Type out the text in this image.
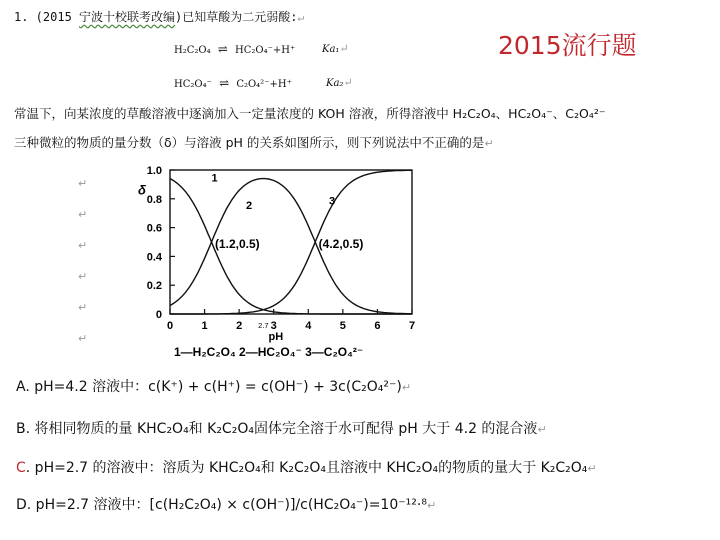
1. (2015 宁波十校联考改编)已知草酸为二元弱酸:↵
2015流行题
H₂C₂O₄ ⇌ HC₂O₄⁻+H⁺	Ka₁↵
HC₂O₄⁻ ⇌ C₂O₄²⁻+H⁺	Ka₂↵
常温下，向某浓度的草酸溶液中逐滴加入一定量浓度的 KOH 溶液，所得溶液中 H₂C₂O₄、HC₂O₄⁻、C₂O₄²⁻
三种微粒的物质的量分数（δ）与溶液 pH 的关系如图所示，则下列说法中不正确的是↵
↵
↵
↵
↵
↵
↵
0
0.2
0.4
0.6
0.8
1.0
0	1	2	3	4	5	6	7
δ
pH
2.7
1
2	3
(1.2,0.5)	(4.2,0.5)
1—H₂C₂O₄ 2—HC₂O₄⁻ 3—C₂O₄²⁻
A. pH=4.2 溶液中：c(K⁺) + c(H⁺) = c(OH⁻) + 3c(C₂O₄²⁻)↵
B. 将相同物质的量 KHC₂O₄和 K₂C₂O₄固体完全溶于水可配得 pH 大于 4.2 的混合液↵
C. pH=2.7 的溶液中：溶质为 KHC₂O₄和 K₂C₂O₄且溶液中 KHC₂O₄的物质的量大于 K₂C₂O₄↵
D. pH=2.7 溶液中：[c(H₂C₂O₄) × c(OH⁻)]/c(HC₂O₄⁻)=10⁻¹²·⁸↵
